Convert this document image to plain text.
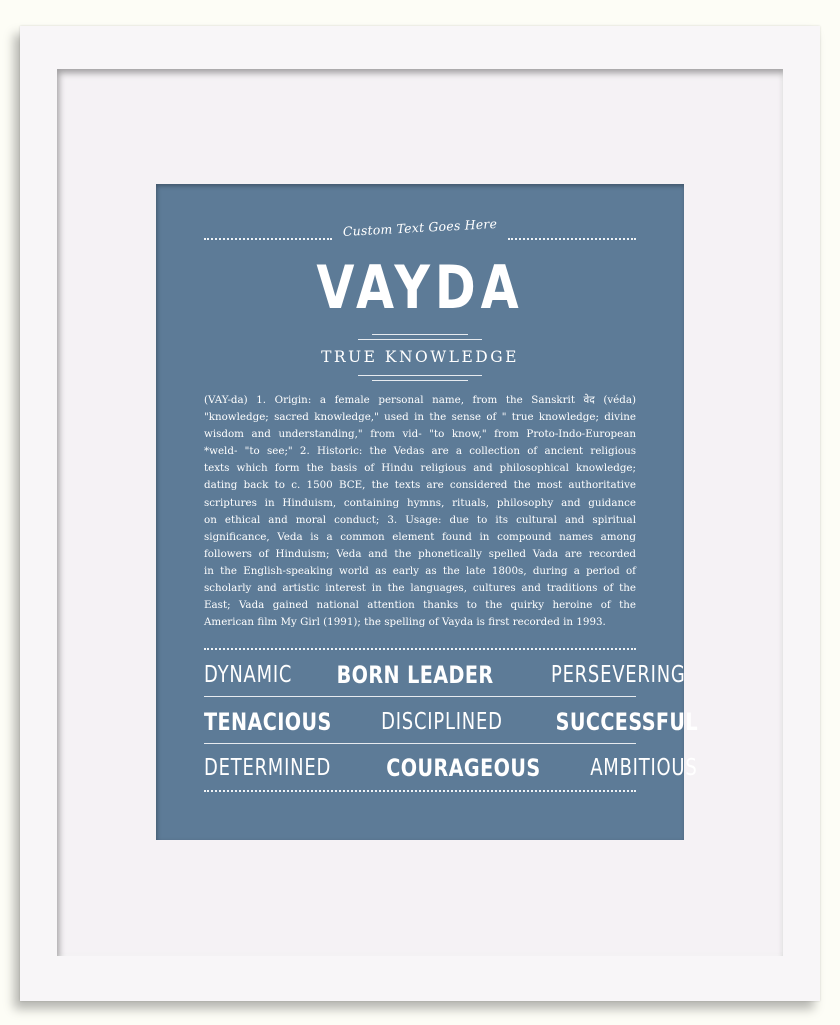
Custom Text Goes Here
VAYDA
TRUE KNOWLEDGE
(VAY-da) 1. Origin: a female personal name, from the Sanskrit वेद (véda)
"knowledge; sacred knowledge," used in the sense of " true knowledge; divine
wisdom and understanding," from vid- "to know," from Proto-Indo-European
*weld- "to see;" 2. Historic: the Vedas are a collection of ancient religious
texts which form the basis of Hindu religious and philosophical knowledge;
dating back to c. 1500 BCE, the texts are considered the most authoritative
scriptures in Hinduism, containing hymns, rituals, philosophy and guidance
on ethical and moral conduct; 3. Usage: due to its cultural and spiritual
significance, Veda is a common element found in compound names among
followers of Hinduism; Veda and the phonetically spelled Vada are recorded
in the English-speaking world as early as the late 1800s, during a period of
scholarly and artistic interest in the languages, cultures and traditions of the
East; Vada gained national attention thanks to the quirky heroine of the
American film My Girl (1991); the spelling of Vayda is first recorded in 1993.
DYNAMIC BORN LEADER	PERSEVERING
TENACIOUS DISCIPLINED SUCCESSFUL
DETERMINED COURAGEOUS AMBITIOUS
